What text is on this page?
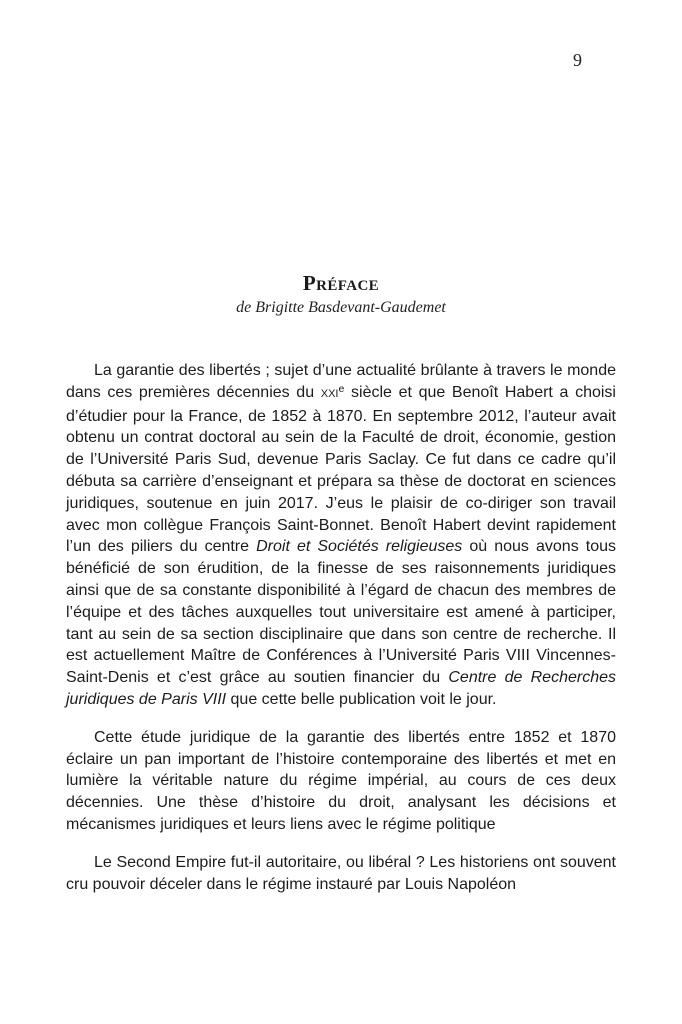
9
Préface
de Brigitte Basdevant-Gaudemet

La garantie des libertés ; sujet d’une actualité brûlante à travers le monde dans ces premières décennies du xxi$^e$ siècle et que Benoît Habert a choisi d’étudier pour la France, de 1852 à 1870. En septembre 2012, l’auteur avait obtenu un contrat doctoral au sein de la Faculté de droit, économie, gestion de l’Université Paris Sud, devenue Paris Saclay. Ce fut dans ce cadre qu’il débuta sa carrière d’enseignant et prépara sa thèse de doctorat en sciences juridiques, soutenue en juin 2017. J’eus le plaisir de co-diriger son travail avec mon collègue François Saint-Bonnet. Benoît Habert devint rapidement l’un des piliers du centre Droit et Sociétés religieuses où nous avons tous bénéficié de son érudition, de la finesse de ses raisonnements juridiques ainsi que de sa constante disponibilité à l’égard de chacun des membres de l’équipe et des tâches auxquelles tout universitaire est amené à participer, tant au sein de sa section disciplinaire que dans son centre de recherche. Il est actuellement Maître de Conférences à l’Université Paris VIII Vincennes-Saint-Denis et c’est grâce au soutien financier du Centre de Recherches juridiques de Paris VIII que cette belle publication voit le jour.

Cette étude juridique de la garantie des libertés entre 1852 et 1870 éclaire un pan important de l’histoire contemporaine des libertés et met en lumière la véritable nature du régime impérial, au cours de ces deux décennies. Une thèse d’histoire du droit, analysant les décisions et mécanismes juridiques et leurs liens avec le régime politique

Le Second Empire fut-il autoritaire, ou libéral ? Les historiens ont souvent cru pouvoir déceler dans le régime instauré par Louis Napoléon
